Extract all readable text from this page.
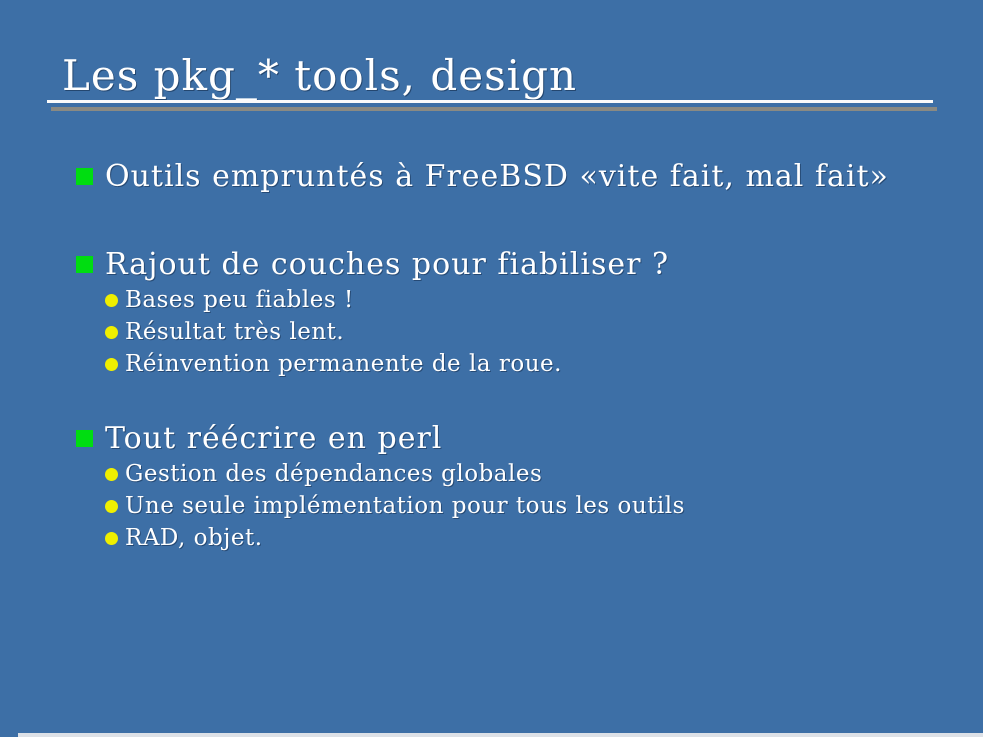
Les pkg_* tools, design
Outils empruntés à FreeBSD «vite fait, mal fait»
Rajout de couches pour fiabiliser ?
Bases peu fiables !
Résultat très lent.
Réinvention permanente de la roue.
Tout réécrire en perl
Gestion des dépendances globales
Une seule implémentation pour tous les outils
RAD, objet.
